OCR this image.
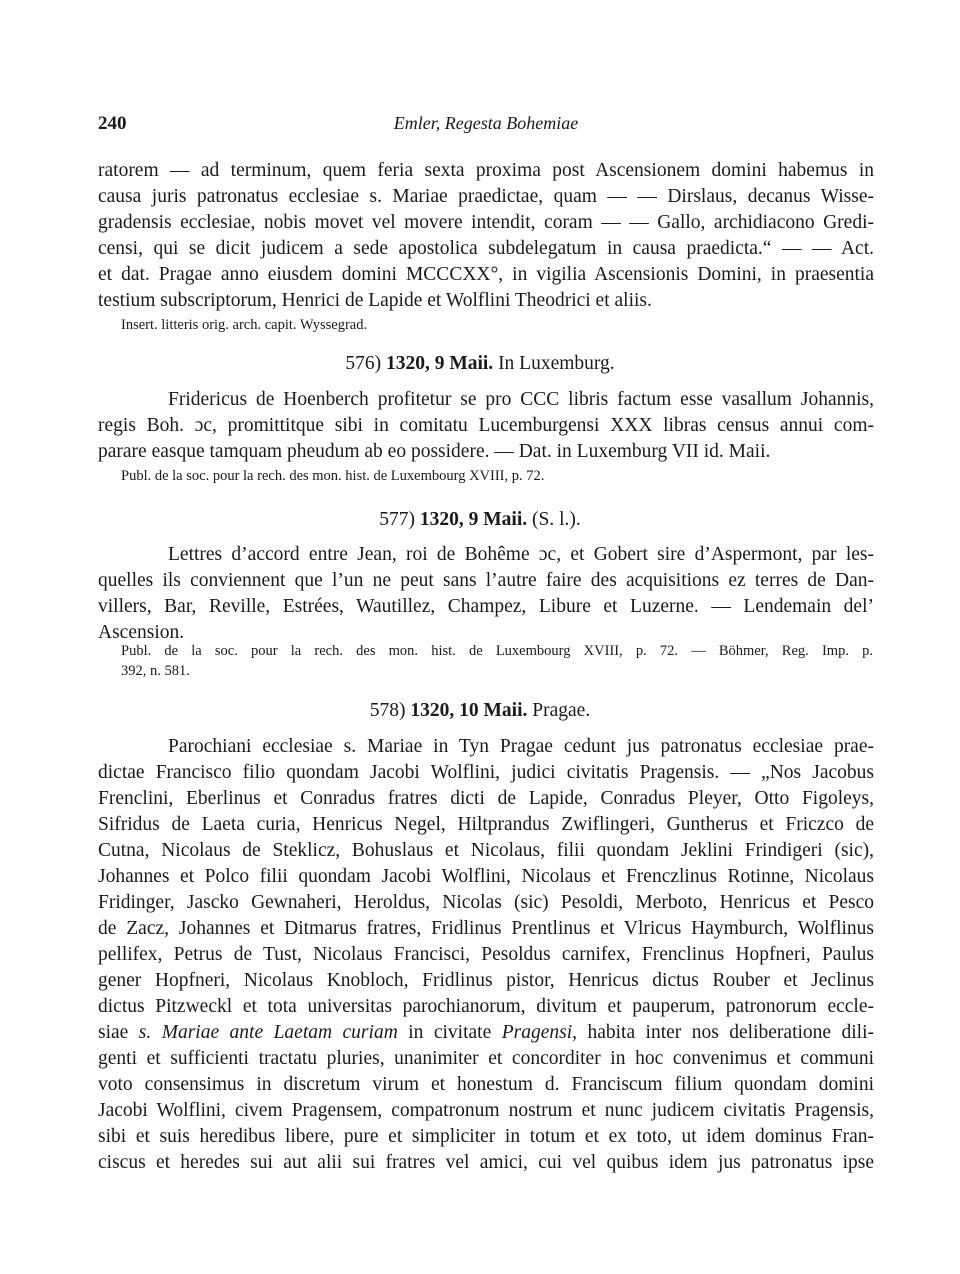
240	Emler, Regesta Bohemiae
ratorem — ad terminum, quem feria sexta proxima post Ascensionem domini habemus in
causa juris patronatus ecclesiae s. Mariae praedictae, quam — — Dirslaus, decanus Wisse-
gradensis ecclesiae, nobis movet vel movere intendit, coram — — Gallo, archidiacono Gredi-
censi, qui se dicit judicem a sede apostolica subdelegatum in causa praedicta.“ — — Act.
et dat. Pragae anno eiusdem domini MCCCXX°, in vigilia Ascensionis Domini, in praesentia
testium subscriptorum, Henrici de Lapide et Wolflini Theodrici et aliis.
Insert. litteris orig. arch. capit. Wyssegrad.
576) 1320, 9 Maii. In Luxemburg.
Fridericus de Hoenberch profitetur se pro CCC libris factum esse vasallum Johannis,
regis Boh. ɔc, promittitque sibi in comitatu Lucemburgensi XXX libras census annui com-
parare easque tamquam pheudum ab eo possidere. — Dat. in Luxemburg VII id. Maii.
Publ. de la soc. pour la rech. des mon. hist. de Luxembourg XVIII, p. 72.
577) 1320, 9 Maii. (S. l.).
Lettres d’accord entre Jean, roi de Bohême ɔc, et Gobert sire d’Aspermont, par les-
quelles ils conviennent que l’un ne peut sans l’autre faire des acquisitions ez terres de Dan-
villers, Bar, Reville, Estrées, Wautillez, Champez, Libure et Luzerne. — Lendemain del’
Ascension.
Publ. de la soc. pour la rech. des mon. hist. de Luxembourg XVIII, p. 72. — Böhmer, Reg. Imp. p.
392, n. 581.
578) 1320, 10 Maii. Pragae.
Parochiani ecclesiae s. Mariae in Tyn Pragae cedunt jus patronatus ecclesiae prae-
dictae Francisco filio quondam Jacobi Wolflini, judici civitatis Pragensis. — „Nos Jacobus
Frenclini, Eberlinus et Conradus fratres dicti de Lapide, Conradus Pleyer, Otto Figoleys,
Sifridus de Laeta curia, Henricus Negel, Hiltprandus Zwiflingeri, Guntherus et Friczco de
Cutna, Nicolaus de Steklicz, Bohuslaus et Nicolaus, filii quondam Jeklini Frindigeri (sic),
Johannes et Polco filii quondam Jacobi Wolflini, Nicolaus et Frenczlinus Rotinne, Nicolaus
Fridinger, Jascko Gewnaheri, Heroldus, Nicolas (sic) Pesoldi, Merboto, Henricus et Pesco
de Zacz, Johannes et Ditmarus fratres, Fridlinus Prentlinus et Vlricus Haymburch, Wolflinus
pellifex, Petrus de Tust, Nicolaus Francisci, Pesoldus carnifex, Frenclinus Hopfneri, Paulus
gener Hopfneri, Nicolaus Knobloch, Fridlinus pistor, Henricus dictus Rouber et Jeclinus
dictus Pitzweckl et tota universitas parochianorum, divitum et pauperum, patronorum eccle-
siae s. Mariae ante Laetam curiam in civitate Pragensi, habita inter nos deliberatione dili-
genti et sufficienti tractatu pluries, unanimiter et concorditer in hoc convenimus et communi
voto consensimus in discretum virum et honestum d. Franciscum filium quondam domini
Jacobi Wolflini, civem Pragensem, compatronum nostrum et nunc judicem civitatis Pragensis,
sibi et suis heredibus libere, pure et simpliciter in totum et ex toto, ut idem dominus Fran-
ciscus et heredes sui aut alii sui fratres vel amici, cui vel quibus idem jus patronatus ipse
